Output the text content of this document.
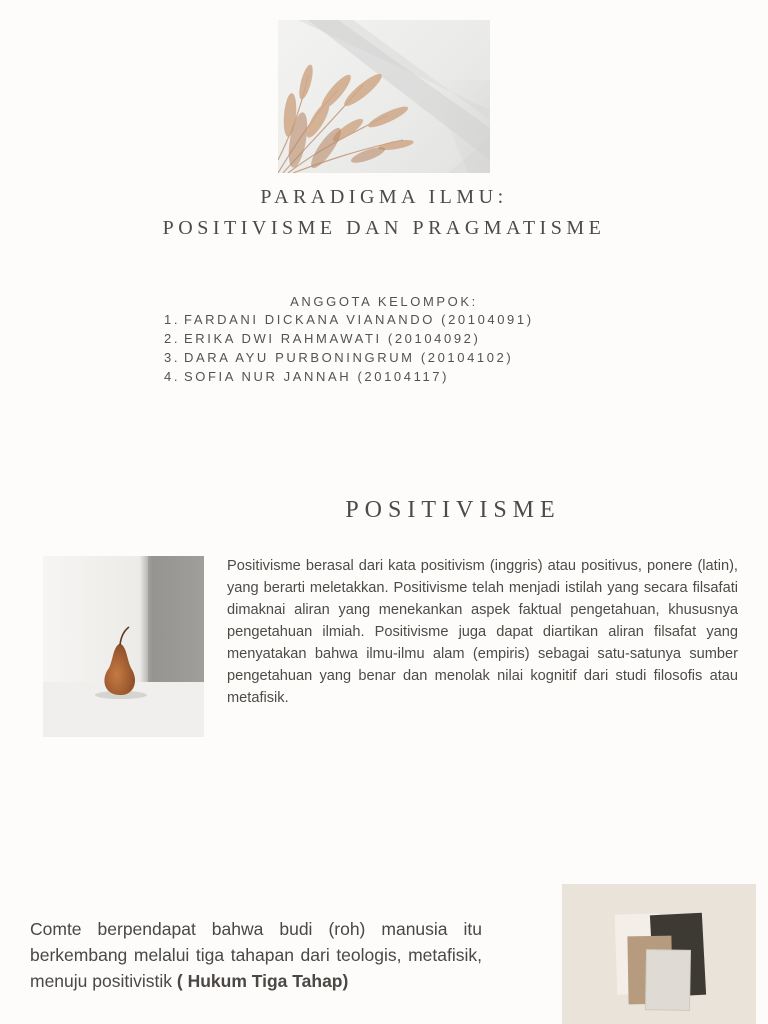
PARADIGMA ILMU:
POSITIVISME DAN PRAGMATISME
ANGGOTA KELOMPOK:
1. FARDANI DICKANA VIANANDO (20104091)
2. ERIKA DWI RAHMAWATI (20104092)
3. DARA AYU PURBONINGRUM (20104102)
4. SOFIA NUR JANNAH (20104117)
POSITIVISME
Positivisme berasal dari kata positivism (inggris) atau positivus, ponere (latin), yang berarti meletakkan. Positivisme telah menjadi istilah yang secara filsafati dimaknai aliran yang menekankan aspek faktual pengetahuan, khususnya pengetahuan ilmiah. Positivisme juga dapat diartikan aliran filsafat yang menyatakan bahwa ilmu-ilmu alam (empiris) sebagai satu-satunya sumber pengetahuan yang benar dan menolak nilai kognitif dari studi filosofis atau metafisik.
Comte berpendapat bahwa budi (roh) manusia itu berkembang melalui tiga tahapan dari teologis, metafisik, menuju positivistik ( Hukum Tiga Tahap)
